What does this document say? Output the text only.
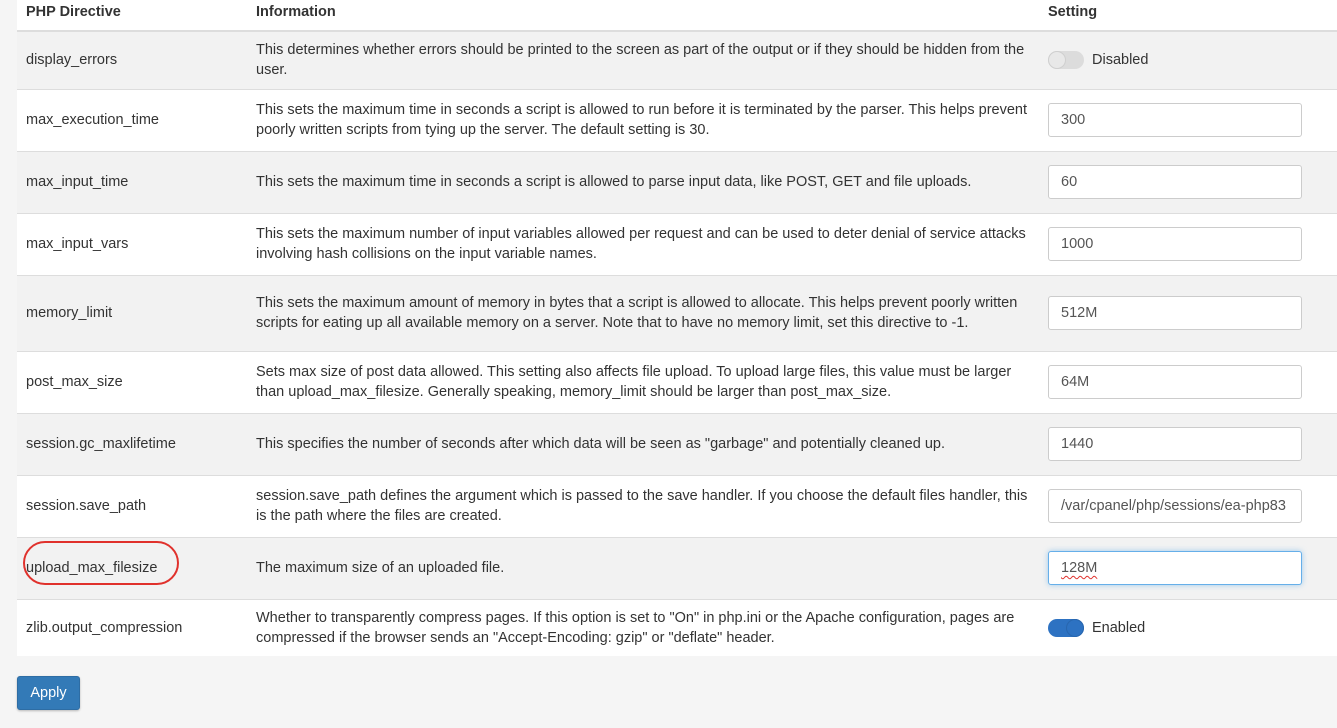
PHP Directive	Information	Setting
display_errors	This determines whether errors should be printed to the screen as part of the output or if they should be hidden from the user.	Disabled

max_execution_time	This sets the maximum time in seconds a script is allowed to run before it is terminated by the parser. This helps prevent poorly written scripts from tying up the server. The default setting is 30.	300

max_input_time	This sets the maximum time in seconds a script is allowed to parse input data, like POST, GET and file uploads.	60

max_input_vars	This sets the maximum number of input variables allowed per request and can be used to deter denial of service attacks involving hash collisions on the input variable names.	1000

memory_limit	This sets the maximum amount of memory in bytes that a script is allowed to allocate. This helps prevent poorly written scripts for eating up all available memory on a server. Note that to have no memory limit, set this directive to -1.	512M

post_max_size	Sets max size of post data allowed. This setting also affects file upload. To upload large files, this value must be larger than upload_max_filesize. Generally speaking, memory_limit should be larger than post_max_size.	64M

session.gc_maxlifetime	This specifies the number of seconds after which data will be seen as "garbage" and potentially cleaned up.	1440

session.save_path	session.save_path defines the argument which is passed to the save handler. If you choose the default files handler, this is the path where the files are created.	/var/cpanel/php/sessions/ea-php83

upload_max_filesize	The maximum size of an uploaded file.	128M

zlib.output_compression	Whether to transparently compress pages. If this option is set to "On" in php.ini or the Apache configuration, pages are compressed if the browser sends an "Accept-Encoding: gzip" or "deflate" header.	Enabled
Apply
